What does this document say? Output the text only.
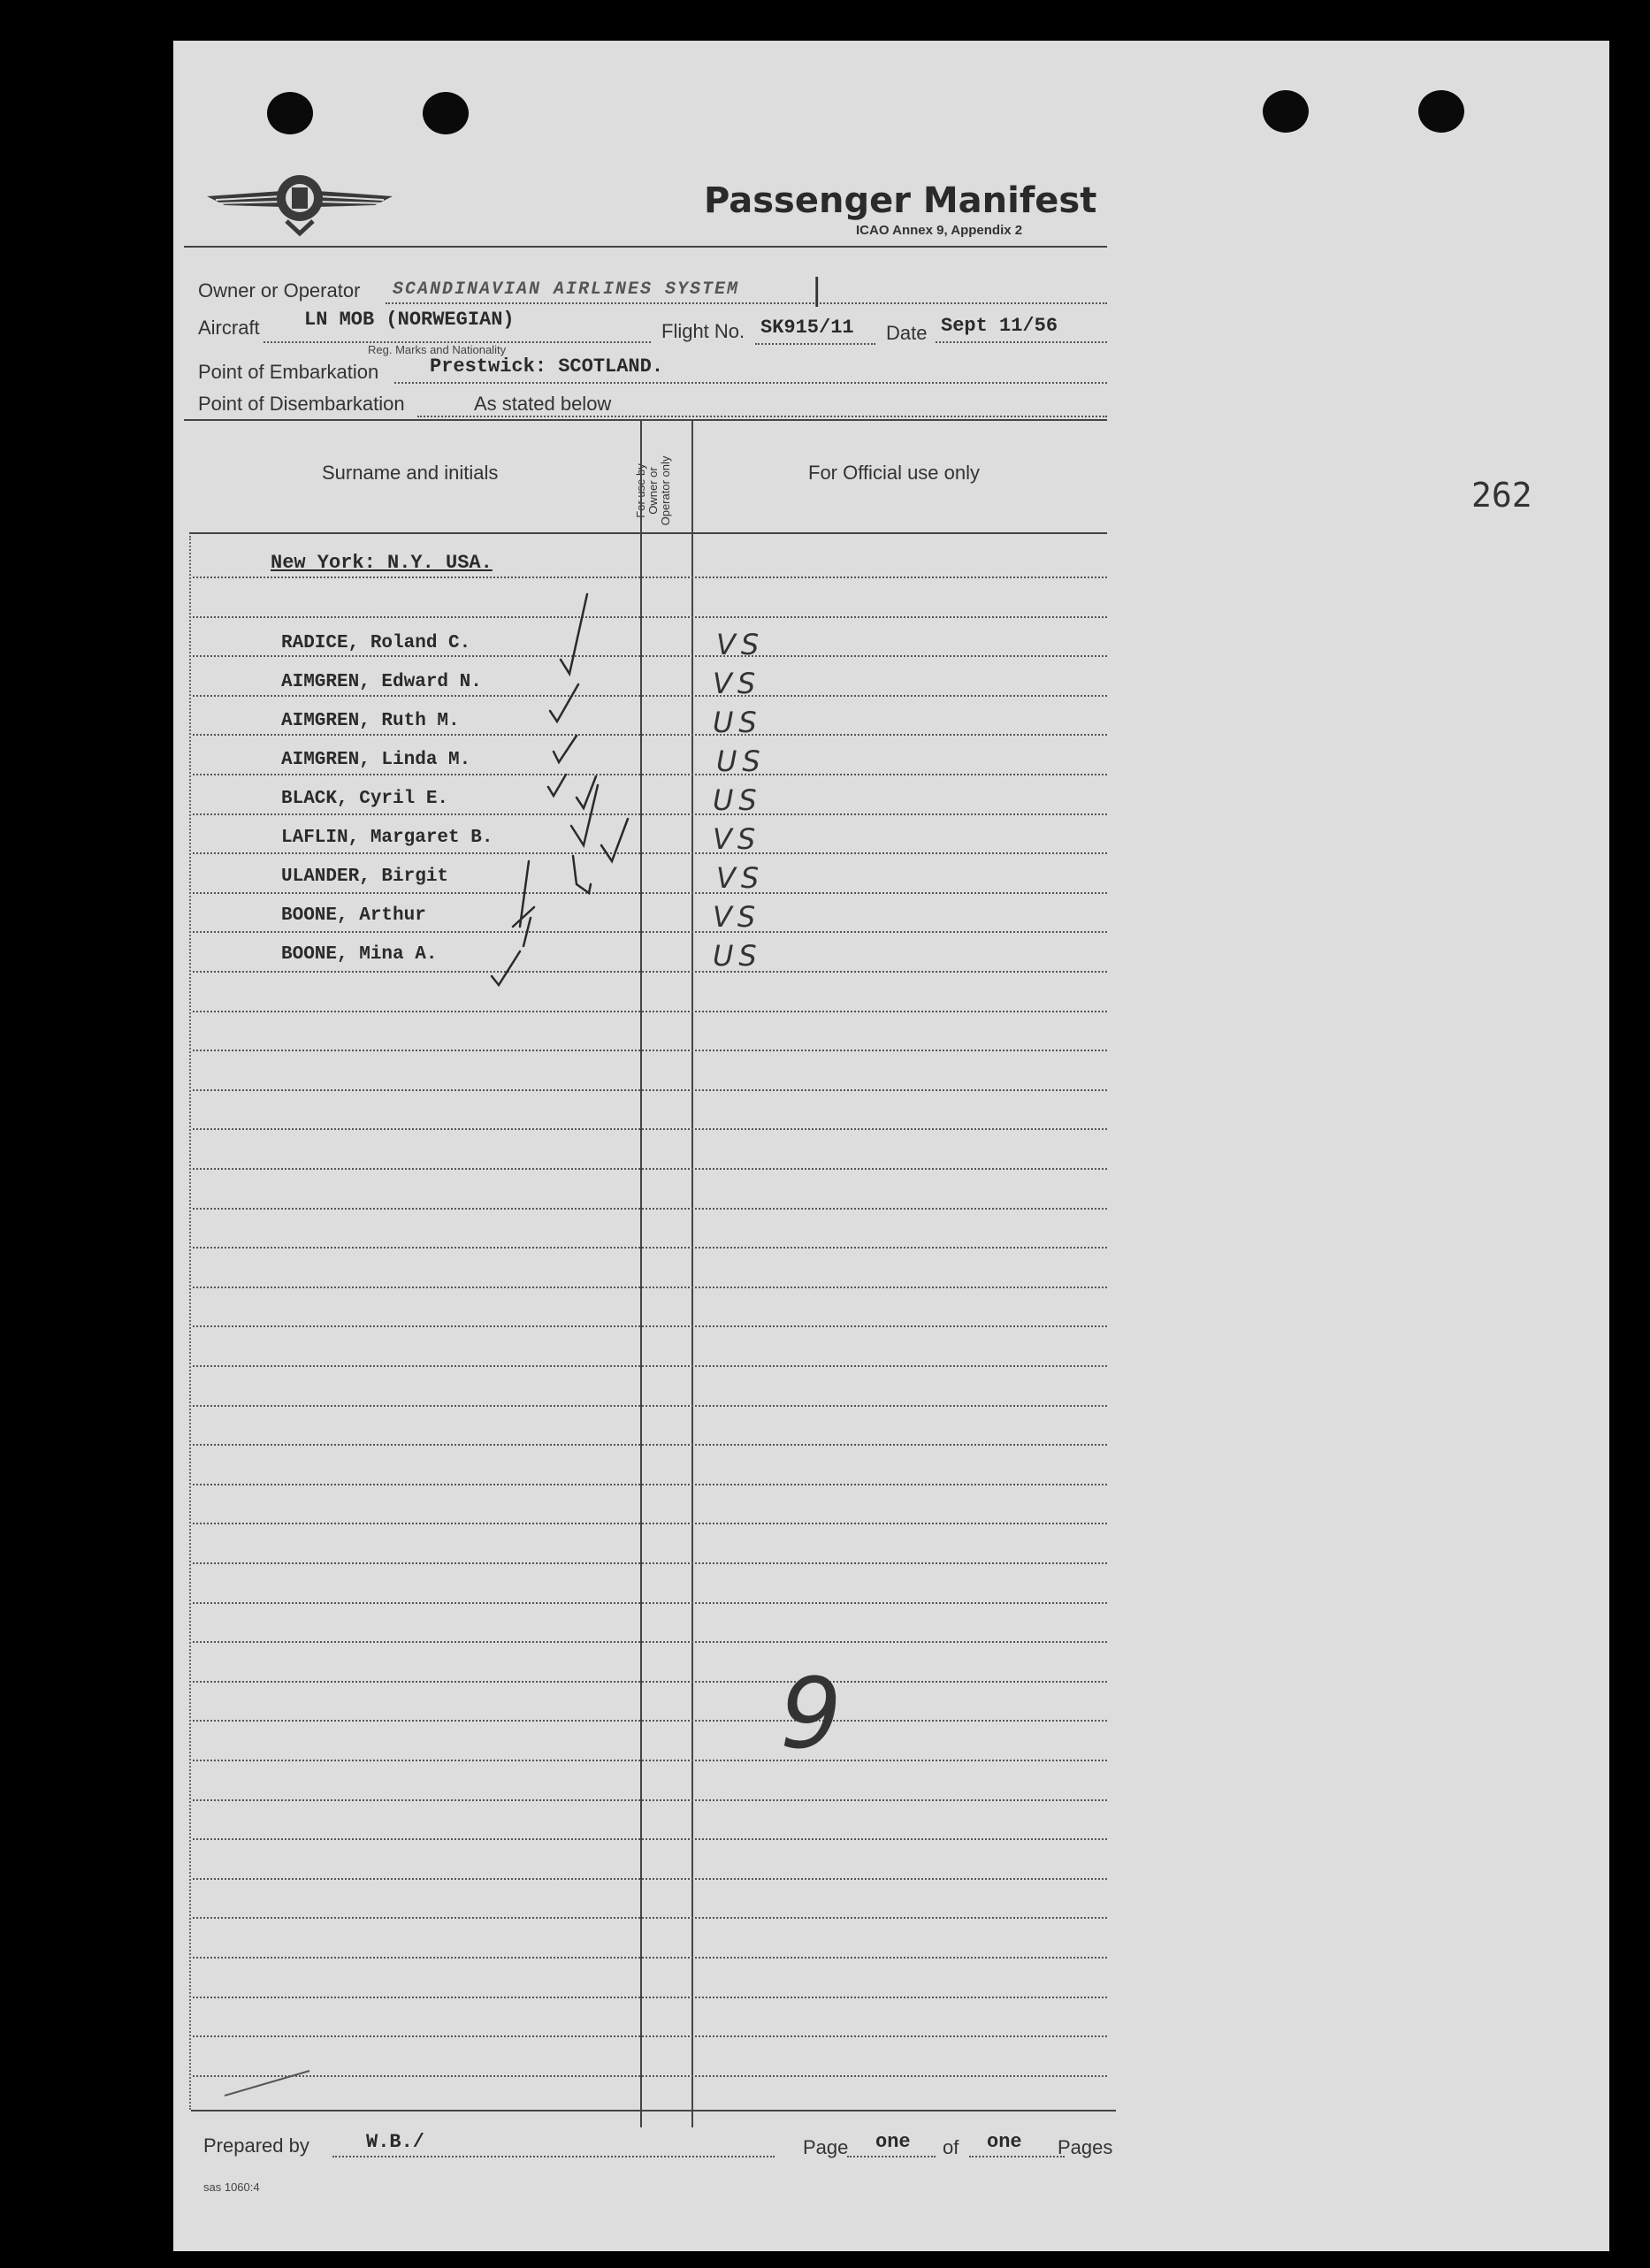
Passenger Manifest
ICAO Annex 9, Appendix 2
Owner or Operator SCANDINAVIAN AIRLINES SYSTEM |
Aircraft LN MOB (NORWEGIAN)
Reg. Marks and Nationality
Flight No. SK915/11 Date Sept 11/56
Point of Embarkation	Prestwick: SCOTLAND.
Point of Disembarkation	As stated below
262
Surname and initials	For use by Owner or Operator only	For Official use only
New York: N.Y. USA.
RADICE, Roland C.	VS
AIMGREN, Edward N.	VS
AIMGREN, Ruth M.	US
AIMGREN, Linda M.	US
BLACK, Cyril E.	US
LAFLIN, Margaret B.	VS
ULANDER, Birgit	VS
BOONE, Arthur	VS
BOONE, Mina A.	US
9
Prepared by	W.B./	Page one of one Pages
sas 1060:4
